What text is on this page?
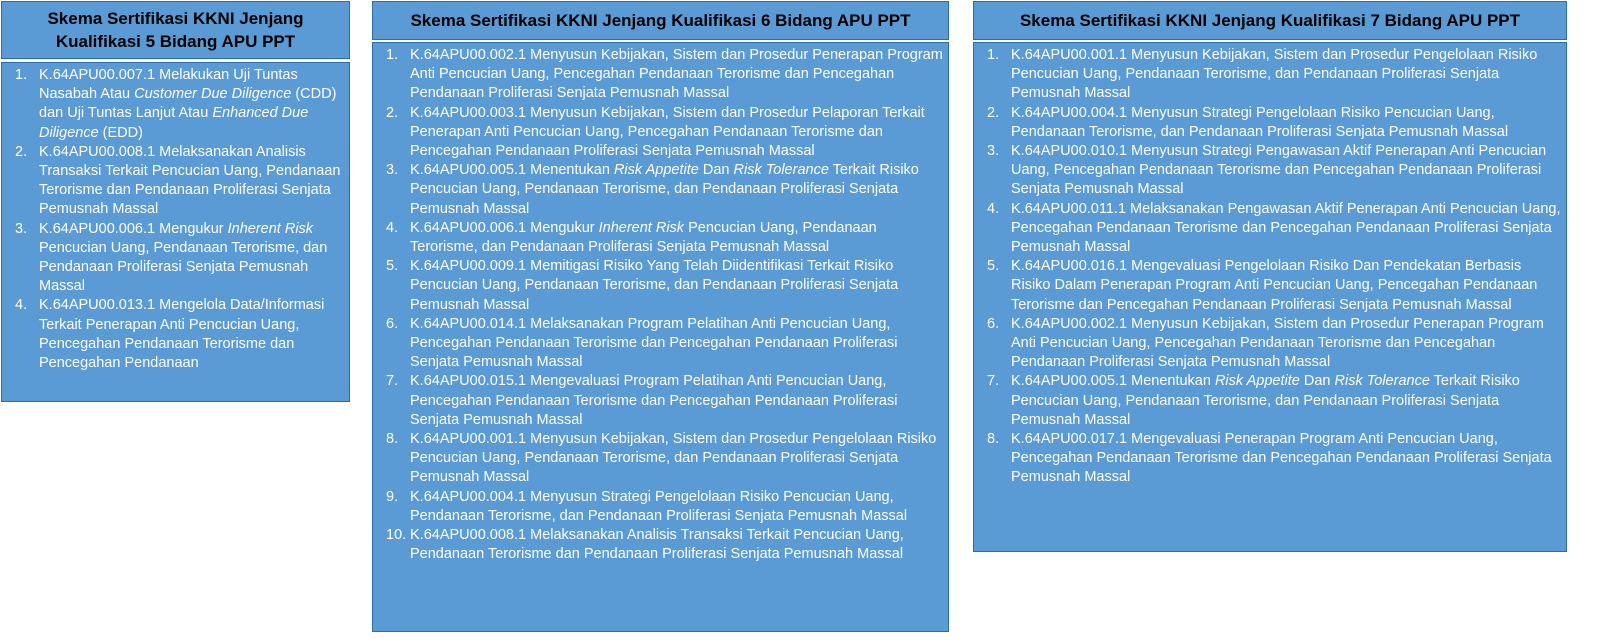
Skema Sertifikasi KKNI Jenjang Kualifikasi 5 Bidang APU PPT
1. K.64APU00.007.1 Melakukan Uji Tuntas Nasabah Atau Customer Due Diligence (CDD) dan Uji Tuntas Lanjut Atau Enhanced Due Diligence (EDD)
2. K.64APU00.008.1 Melaksanakan Analisis Transaksi Terkait Pencucian Uang, Pendanaan Terorisme dan Pendanaan Proliferasi Senjata Pemusnah Massal
3. K.64APU00.006.1 Mengukur Inherent Risk Pencucian Uang, Pendanaan Terorisme, dan Pendanaan Proliferasi Senjata Pemusnah Massal
4. K.64APU00.013.1 Mengelola Data/Informasi Terkait Penerapan Anti Pencucian Uang, Pencegahan Pendanaan Terorisme dan Pencegahan Pendanaan
Skema Sertifikasi KKNI Jenjang Kualifikasi 6 Bidang APU PPT
1. K.64APU00.002.1 Menyusun Kebijakan, Sistem dan Prosedur Penerapan Program Anti Pencucian Uang, Pencegahan Pendanaan Terorisme dan Pencegahan Pendanaan Proliferasi Senjata Pemusnah Massal
2. K.64APU00.003.1 Menyusun Kebijakan, Sistem dan Prosedur Pelaporan Terkait Penerapan Anti Pencucian Uang, Pencegahan Pendanaan Terorisme dan Pencegahan Pendanaan Proliferasi Senjata Pemusnah Massal
3. K.64APU00.005.1 Menentukan Risk Appetite Dan Risk Tolerance Terkait Risiko Pencucian Uang, Pendanaan Terorisme, dan Pendanaan Proliferasi Senjata Pemusnah Massal
4. K.64APU00.006.1 Mengukur Inherent Risk Pencucian Uang, Pendanaan Terorisme, dan Pendanaan Proliferasi Senjata Pemusnah Massal
5. K.64APU00.009.1 Memitigasi Risiko Yang Telah Diidentifikasi Terkait Risiko Pencucian Uang, Pendanaan Terorisme, dan Pendanaan Proliferasi Senjata Pemusnah Massal
6. K.64APU00.014.1 Melaksanakan Program Pelatihan Anti Pencucian Uang, Pencegahan Pendanaan Terorisme dan Pencegahan Pendanaan Proliferasi Senjata Pemusnah Massal
7. K.64APU00.015.1 Mengevaluasi Program Pelatihan Anti Pencucian Uang, Pencegahan Pendanaan Terorisme dan Pencegahan Pendanaan Proliferasi Senjata Pemusnah Massal
8. K.64APU00.001.1 Menyusun Kebijakan, Sistem dan Prosedur Pengelolaan Risiko Pencucian Uang, Pendanaan Terorisme, dan Pendanaan Proliferasi Senjata Pemusnah Massal
9. K.64APU00.004.1 Menyusun Strategi Pengelolaan Risiko Pencucian Uang, Pendanaan Terorisme, dan Pendanaan Proliferasi Senjata Pemusnah Massal
10. K.64APU00.008.1 Melaksanakan Analisis Transaksi Terkait Pencucian Uang, Pendanaan Terorisme dan Pendanaan Proliferasi Senjata Pemusnah Massal
Skema Sertifikasi KKNI Jenjang Kualifikasi 7 Bidang APU PPT
1. K.64APU00.001.1 Menyusun Kebijakan, Sistem dan Prosedur Pengelolaan Risiko Pencucian Uang, Pendanaan Terorisme, dan Pendanaan Proliferasi Senjata Pemusnah Massal
2. K.64APU00.004.1 Menyusun Strategi Pengelolaan Risiko Pencucian Uang, Pendanaan Terorisme, dan Pendanaan Proliferasi Senjata Pemusnah Massal
3. K.64APU00.010.1 Menyusun Strategi Pengawasan Aktif Penerapan Anti Pencucian Uang, Pencegahan Pendanaan Terorisme dan Pencegahan Pendanaan Proliferasi Senjata Pemusnah Massal
4. K.64APU00.011.1 Melaksanakan Pengawasan Aktif Penerapan Anti Pencucian Uang, Pencegahan Pendanaan Terorisme dan Pencegahan Pendanaan Proliferasi Senjata Pemusnah Massal
5. K.64APU00.016.1 Mengevaluasi Pengelolaan Risiko Dan Pendekatan Berbasis Risiko Dalam Penerapan Program Anti Pencucian Uang, Pencegahan Pendanaan Terorisme dan Pencegahan Pendanaan Proliferasi Senjata Pemusnah Massal
6. K.64APU00.002.1 Menyusun Kebijakan, Sistem dan Prosedur Penerapan Program Anti Pencucian Uang, Pencegahan Pendanaan Terorisme dan Pencegahan Pendanaan Proliferasi Senjata Pemusnah Massal
7. K.64APU00.005.1 Menentukan Risk Appetite Dan Risk Tolerance Terkait Risiko Pencucian Uang, Pendanaan Terorisme, dan Pendanaan Proliferasi Senjata Pemusnah Massal
8. K.64APU00.017.1 Mengevaluasi Penerapan Program Anti Pencucian Uang, Pencegahan Pendanaan Terorisme dan Pencegahan Pendanaan Proliferasi Senjata Pemusnah Massal
